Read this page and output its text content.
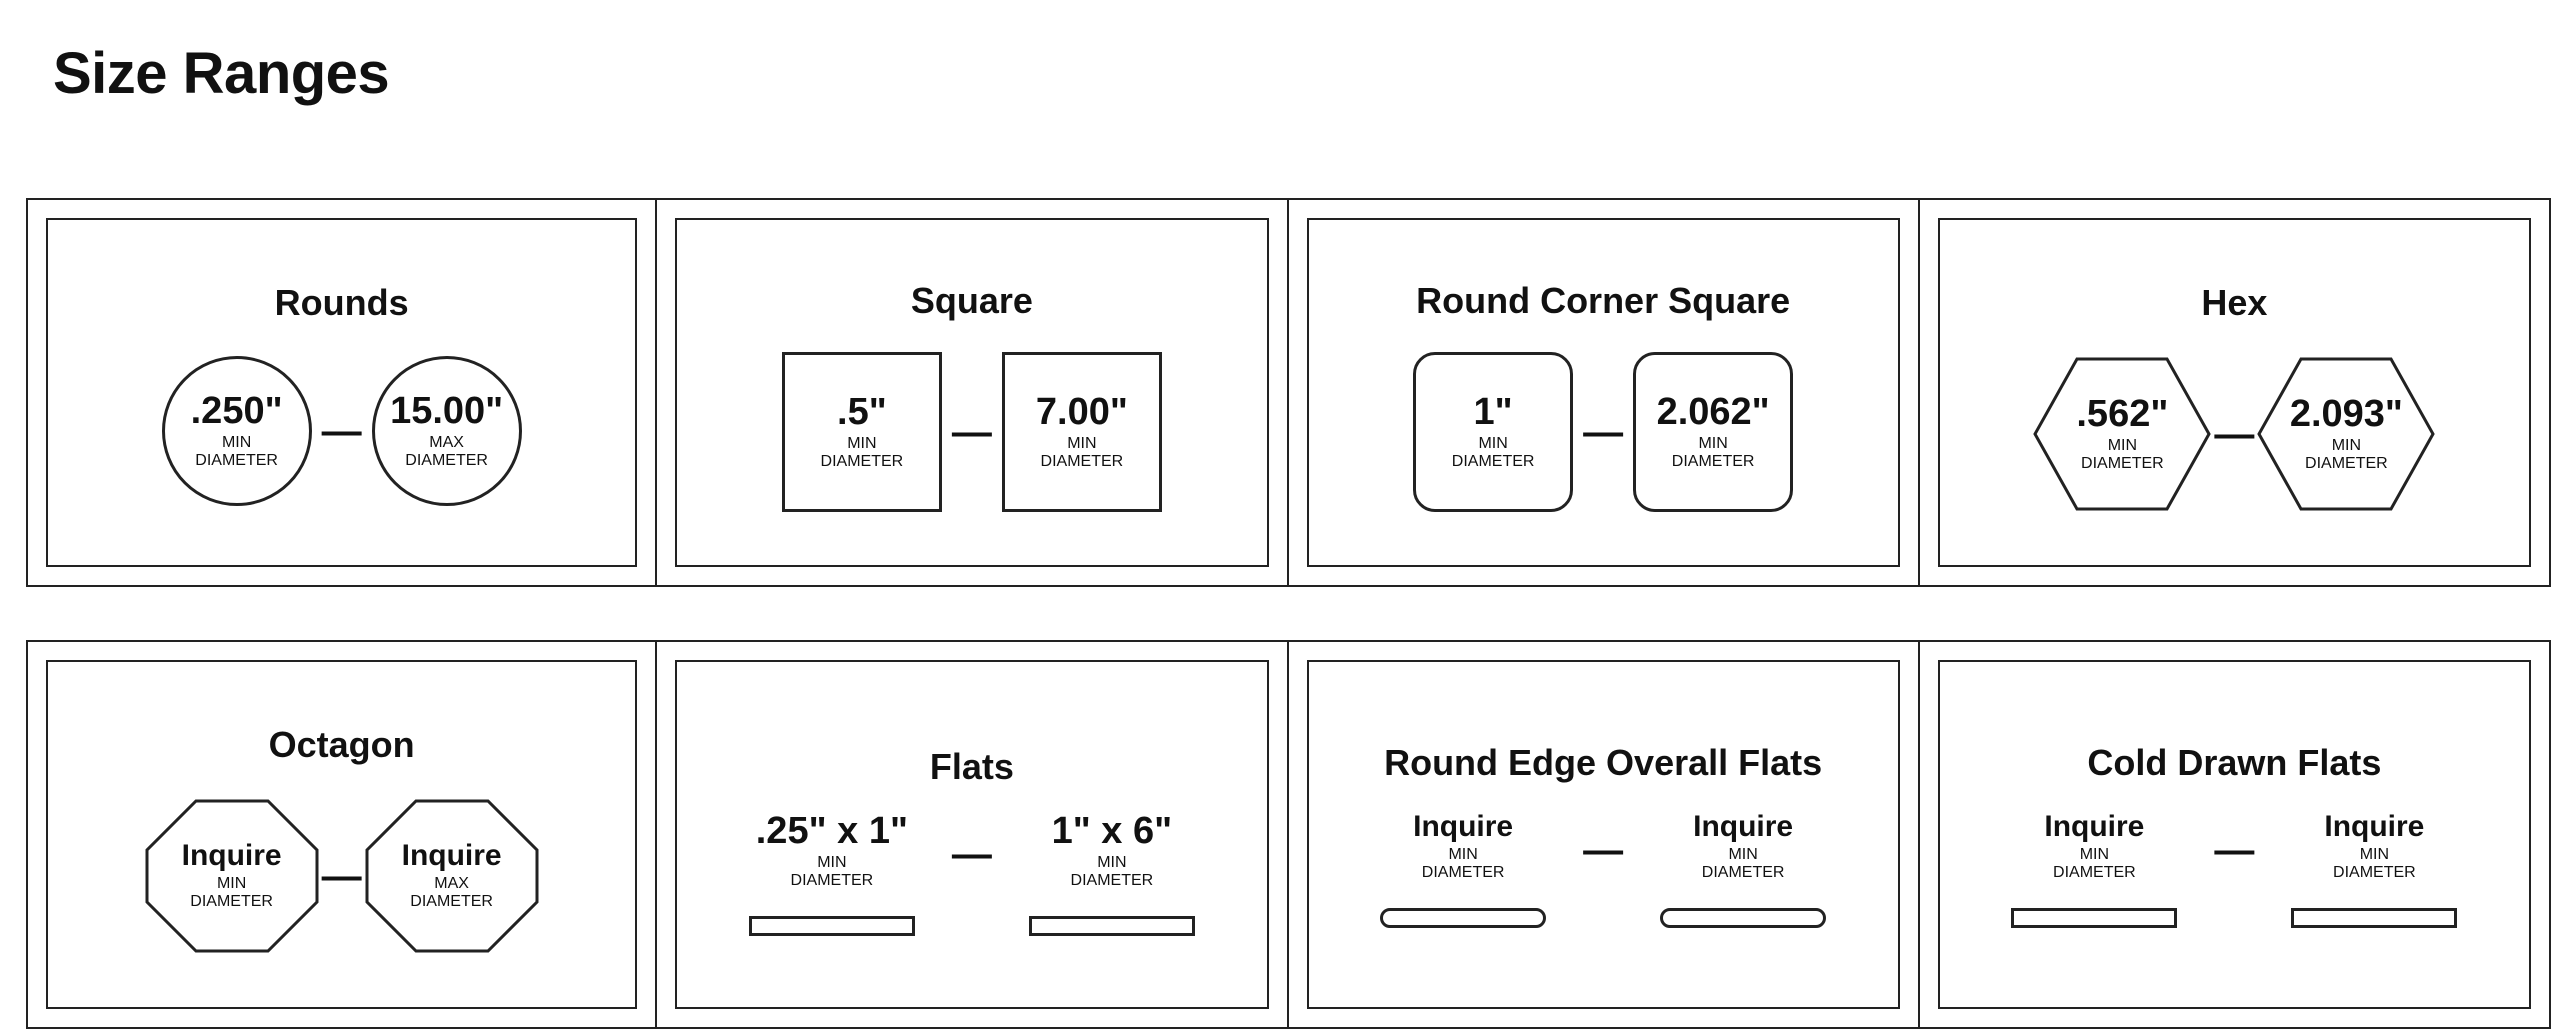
Size Ranges
Rounds
.250"
MIN
DIAMETER
— 15.00"
MAX
DIAMETER
Square
.5"
MIN
DIAMETER
— 7.00"
MIN
DIAMETER
Round Corner Square
1"
MIN
DIAMETER
— 2.062"
MIN
DIAMETER
Hex
.562"
MIN
DIAMETER
— 2.093"
MIN
DIAMETER
Octagon
Inquire
MIN
DIAMETER
— Inquire
MAX
DIAMETER
Flats
.25" x 1"
MIN
DIAMETER
—
1" x 6"
MIN
DIAMETER
Round Edge Overall Flats
Inquire
MIN
DIAMETER
—
Inquire
MIN
DIAMETER
Cold Drawn Flats
Inquire
MIN
DIAMETER
—
Inquire
MIN
DIAMETER
